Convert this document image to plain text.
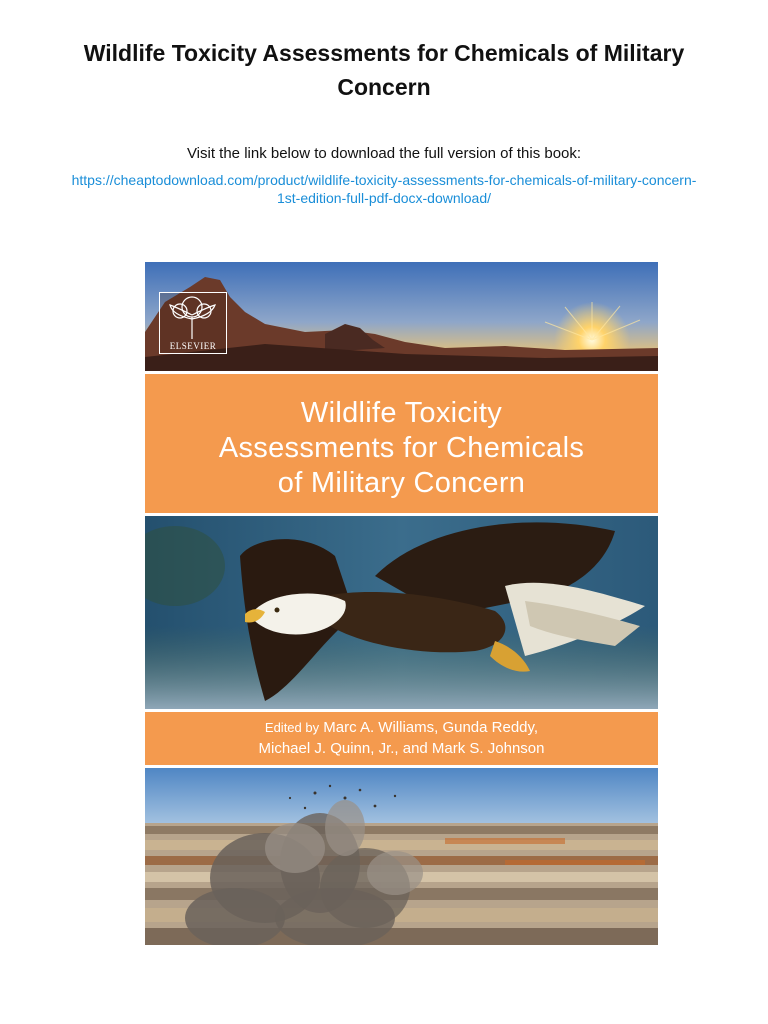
Wildlife Toxicity Assessments for Chemicals of Military Concern

Visit the link below to download the full version of this book:

https://cheaptodownload.com/product/wildlife-toxicity-assessments-for-chemicals-of-military-concern-1st-edition-full-pdf-docx-download/
ELSEVIER
Wildlife Toxicity
Assessments for Chemicals
of Military Concern
Edited by Marc A. Williams, Gunda Reddy,
Michael J. Quinn, Jr., and Mark S. Johnson
